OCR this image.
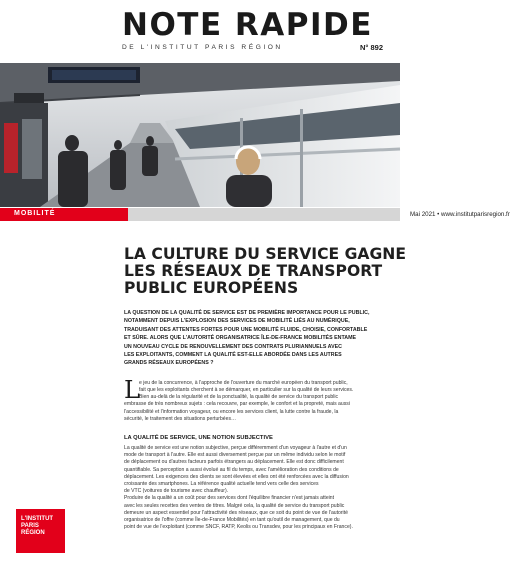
NOTE RAPIDE
DE L'INSTITUT PARIS RÉGION	N° 892
MOBILITÉ	Mai 2021 • www.institutparisregion.fr
LA CULTURE DU SERVICE GAGNE
LES RÉSEAUX DE TRANSPORT
PUBLIC EUROPÉENS
LA QUESTION DE LA QUALITÉ DE SERVICE EST DE PREMIÈRE IMPORTANCE POUR LE PUBLIC,
NOTAMMENT DEPUIS L'EXPLOSION DES SERVICES DE MOBILITÉ LIÉS AU NUMÉRIQUE,
TRADUISANT DES ATTENTES FORTES POUR UNE MOBILITÉ FLUIDE, CHOISIE, CONFORTABLE
ET SÛRE. ALORS QUE L'AUTORITÉ ORGANISATRICE ÎLE-DE-FRANCE MOBILITÉS ENTAME
UN NOUVEAU CYCLE DE RENOUVELLEMENT DES CONTRATS PLURIANNUELS AVEC
LES EXPLOITANTS, COMMENT LA QUALITÉ EST-ELLE ABORDÉE DANS LES AUTRES
GRANDS RÉSEAUX EUROPÉENS ?
L e jeu de la concurrence, à l'approche de l'ouverture du marché européen du transport public,
fait que les exploitants cherchent à se démarquer, en particulier sur la qualité de leurs services.
Bien au-delà de la régularité et de la ponctualité, la qualité de service du transport public
embrasse de très nombreux sujets : cela recouvre, par exemple, le confort et la propreté, mais aussi
l'accessibilité et l'information voyageur, ou encore les services client, la lutte contre la fraude, la
sécurité, le traitement des situations perturbées…
LA QUALITÉ DE SERVICE, UNE NOTION SUBJECTIVE
La qualité de service est une notion subjective, perçue différemment d'un voyageur à l'autre et d'un
mode de transport à l'autre. Elle est aussi diversement perçue par un même individu selon le motif
de déplacement ou d'autres facteurs parfois étrangers au déplacement. Elle est donc difficilement
quantifiable. Sa perception a aussi évolué au fil du temps, avec l'amélioration des conditions de
déplacement. Les exigences des clients se sont élevées et elles ont été renforcées avec la diffusion
croissante des smartphones. La référence qualité actuelle tend vers celle des services
de VTC (voitures de tourisme avec chauffeur).
Produire de la qualité a un coût pour des services dont l'équilibre financier n'est jamais atteint
avec les seules recettes des ventes de titres. Malgré cela, la qualité de service du transport public
demeure un aspect essentiel pour l'attractivité des réseaux, que ce soit du point de vue de l'autorité
organisatrice de l'offre (comme Île-de-France Mobilités) en tant qu'outil de management, que du
point de vue de l'exploitant (comme SNCF, RATP, Keolis ou Transdev, pour les principaux en France).
L'INSTITUT
PARIS
RÉGION
